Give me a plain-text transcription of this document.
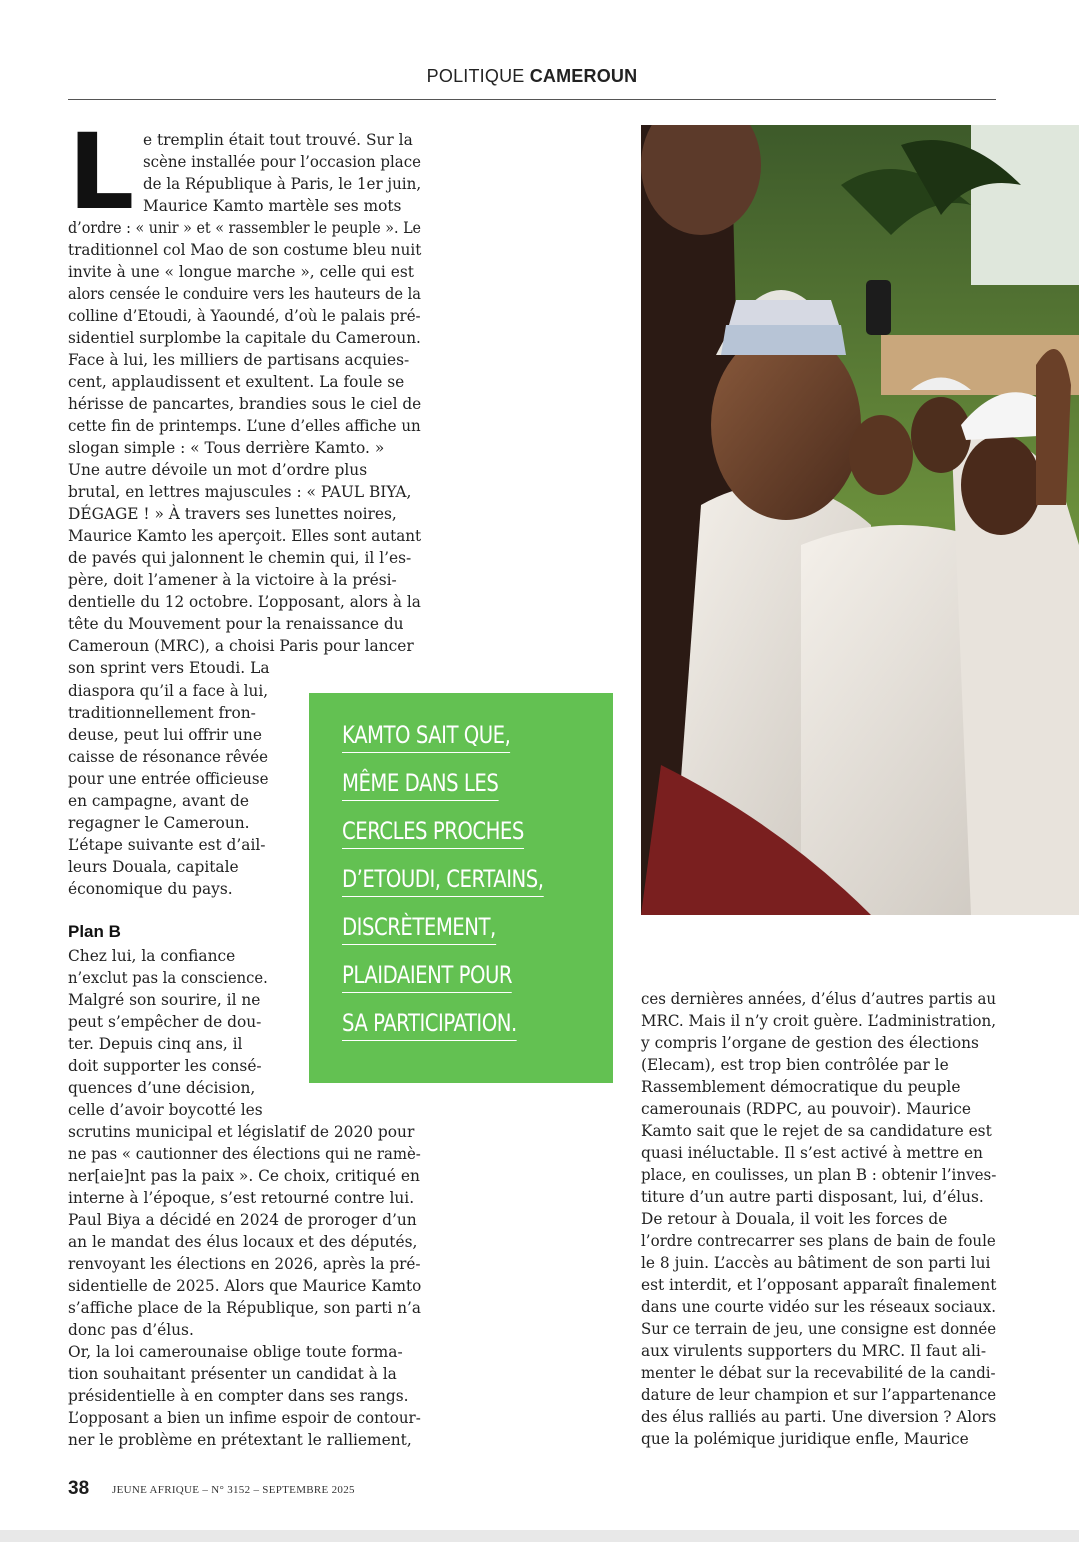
POLITIQUE CAMEROUN
L e tremplin était tout trouvé. Sur la
scène installée pour l’occasion place
de la République à Paris, le 1er juin,
Maurice Kamto martèle ses mots
d’ordre : « unir » et « rassembler le peuple ». Le
traditionnel col Mao de son costume bleu nuit
invite à une « longue marche », celle qui est
alors censée le conduire vers les hauteurs de la
colline d’Etoudi, à Yaoundé, d’où le palais pré-
sidentiel surplombe la capitale du Cameroun.
Face à lui, les milliers de partisans acquies-
cent, applaudissent et exultent. La foule se
hérisse de pancartes, brandies sous le ciel de
cette fin de printemps. L’une d’elles affiche un
slogan simple : « Tous derrière Kamto. »
Une autre dévoile un mot d’ordre plus
brutal, en lettres majuscules : « PAUL BIYA,
DÉGAGE ! » À travers ses lunettes noires,
Maurice Kamto les aperçoit. Elles sont autant
de pavés qui jalonnent le chemin qui, il l’es-
père, doit l’amener à la victoire à la prési-
dentielle du 12 octobre. L’opposant, alors à la
tête du Mouvement pour la renaissance du
Cameroun (MRC), a choisi Paris pour lancer
son sprint vers Etoudi. La
diaspora qu’il a face à lui,
traditionnellement fron-
deuse, peut lui offrir une
caisse de résonance rêvée
pour une entrée officieuse
en campagne, avant de
regagner le Cameroun.
L’étape suivante est d’ail-
leurs Douala, capitale
économique du pays.
Plan B
Chez lui, la confiance
n’exclut pas la conscience.
Malgré son sourire, il ne
peut s’empêcher de dou-
ter. Depuis cinq ans, il
doit supporter les consé-
quences d’une décision,
celle d’avoir boycotté les
scrutins municipal et législatif de 2020 pour
ne pas « cautionner des élections qui ne ramè-
ner[aie]nt pas la paix ». Ce choix, critiqué en
interne à l’époque, s’est retourné contre lui.
Paul Biya a décidé en 2024 de proroger d’un
an le mandat des élus locaux et des députés,
renvoyant les élections en 2026, après la pré-
sidentielle de 2025. Alors que Maurice Kamto
s’affiche place de la République, son parti n’a
donc pas d’élus.
Or, la loi camerounaise oblige toute forma-
tion souhaitant présenter un candidat à la
présidentielle à en compter dans ses rangs.
L’opposant a bien un infime espoir de contour-
ner le problème en prétextant le ralliement,
ces dernières années, d’élus d’autres partis au
MRC. Mais il n’y croit guère. L’administration,
y compris l’organe de gestion des élections
(Elecam), est trop bien contrôlée par le
Rassemblement démocratique du peuple
camerounais (RDPC, au pouvoir). Maurice
Kamto sait que le rejet de sa candidature est
quasi inéluctable. Il s’est activé à mettre en
place, en coulisses, un plan B : obtenir l’inves-
titure d’un autre parti disposant, lui, d’élus.
De retour à Douala, il voit les forces de
l’ordre contrecarrer ses plans de bain de foule
le 8 juin. L’accès au bâtiment de son parti lui
est interdit, et l’opposant apparaît finalement
dans une courte vidéo sur les réseaux sociaux.
Sur ce terrain de jeu, une consigne est donnée
aux virulents supporters du MRC. Il faut ali-
menter le débat sur la recevabilité de la candi-
dature de leur champion et sur l’appartenance
des élus ralliés au parti. Une diversion ? Alors
que la polémique juridique enfle, Maurice
KAMTO SAIT QUE,
MÊME DANS LES
CERCLES PROCHES
D’ETOUDI, CERTAINS,
DISCRÈTEMENT,
PLAIDAIENT POUR
SA PARTICIPATION.
38 JEUNE AFRIQUE – N° 3152 – SEPTEMBRE 2025
